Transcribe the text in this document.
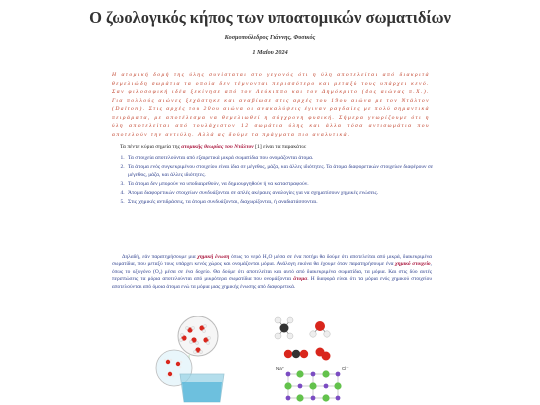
Ο ζωολογικός κήπος των υποατομικών σωματιδίων
Κοσμοπούλεδρος Γιάννης, Φυσικός
1 Μαΐου 2024
Η ατομική δομή της ύλης συνίσταται στο γεγονός ότι η ύλη αποτελείται από διακριτά θεμελιώδη σωμάτια τα οποία δεν τέμνονται περισσότερο και μεταξύ τους υπάρχει κενό. Σαν φιλοσοφική ιδέα ξεκίνησε από τον Λεύκιππο και τον Δημόκριτο (4ος αιώνας π.Χ.). Για πολλούς αιώνες ξεχάστηκε και αναβίωσε στις αρχές του 19ου αιώνα με τον Ντάλτον (Dalton). Στις αρχές του 20ου αιώνα οι ανακαλύψεις έγιναν ραγδαίες με πολύ σημαντικά πειράματα, με αποτέλεσμα να θεμελιωθεί η σύγχρονη φυσική. Σήμερα γνωρίζουμε ότι η ύλη αποτελείται από τουλάχιστον 12 σωμάτια ύλης και άλλα τόσα αντισωμάτια που αποτελούν την αντιύλη. Αλλά ας δούμε τα πράγματα πιο αναλυτικά.
Τα πέντε κύρια σημεία της ατομικής θεωρίας του Ντάλτον [1] είναι τα παρακάτω:
1. Τα στοιχεία αποτελούνται από εξαιρετικά μικρά σωματίδια που ονομάζονται άτομα.
2. Τα άτομα ενός συγκεκριμένου στοιχείου είναι ίδια σε μέγεθος, μάζα, και άλλες ιδιότητες. Τα άτομα διαφορετικών στοιχείων διαφέρουν σε μέγεθος, μάζα, και άλλες ιδιότητες.
3. Τα άτομα δεν μπορούν να υποδιαιρεθούν, να δημιουργηθούν ή να καταστραφούν.
4. Άτομα διαφορετικών στοιχείων συνδυάζονται σε απλές ακέραιες αναλογίες για να σχηματίσουν χημικές ενώσεις.
5. Στις χημικές αντιδράσεις, τα άτομα συνδυάζονται, διαχωρίζονται, ή αναδιατάσσονται.
Δηλαδή, εάν παρατηρήσουμε μια χημική ένωση όπως το νερό H₂O μέσα σε ένα ποτήρι θα δούμε ότι αποτελείται από μικρά, διακεκριμένα σωματίδια, που μεταξύ τους υπάρχει κενός χώρος και ονομάζονται μόρια. Ανάλογη εικόνα θα έχουμε όταν παρατηρήσουμε ένα χημικό στοιχείο, όπως το οξυγόνο (O₂) μέσα σε ένα δοχείο. Θα δούμε ότι αποτελείται και αυτό από διακεκριμένα σωματίδια, τα μόρια. Και στις δύο αυτές περιπτώσεις τα μόρια αποτελούνται από μικρότερα σωματίδια που ονομάζονται άτομα. Η διαφορά είναι ότι τα μόρια ενός χημικού στοιχείου αποτελούνται από όμοια άτομα ενώ τα μόρια μιας χημικής ένωσης από διαφορετικά.
Na⁺	Cl⁻
